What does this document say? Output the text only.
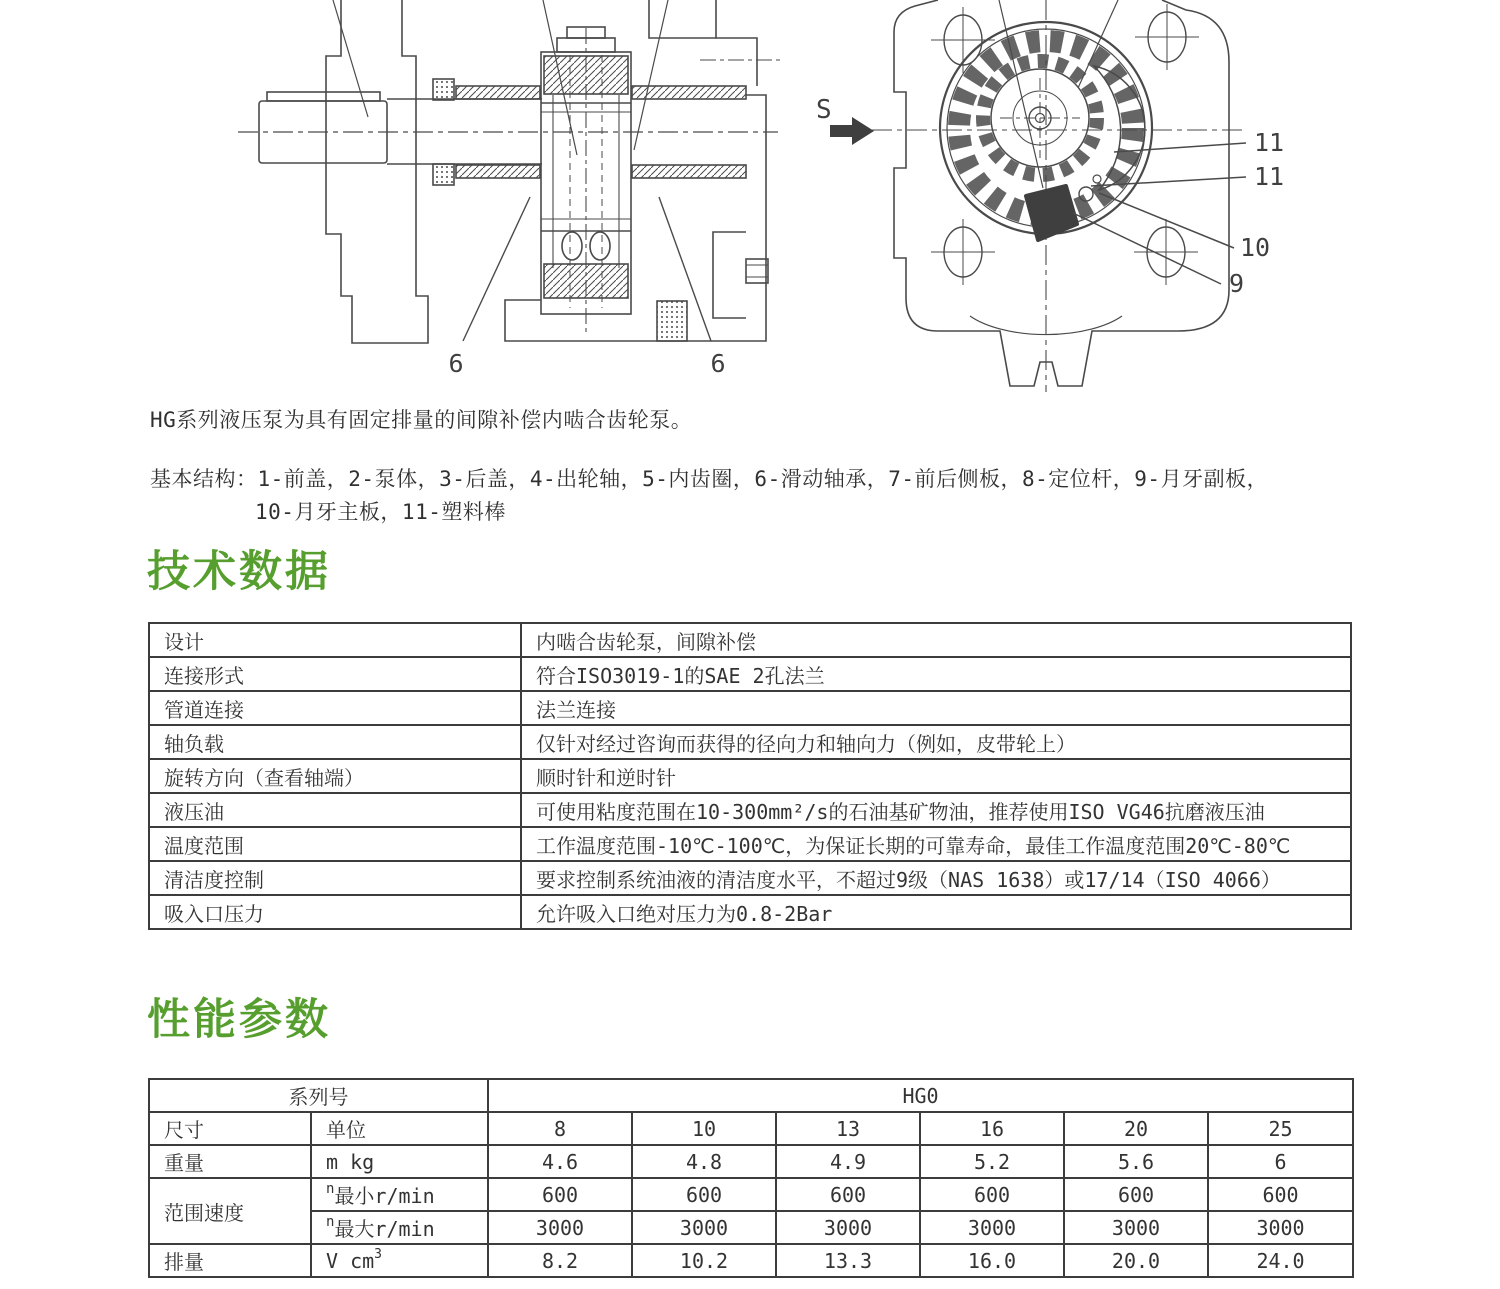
6	6
S
11
11
10
9
HG系列液压泵为具有固定排量的间隙补偿内啮合齿轮泵。
基本结构：1-前盖，2-泵体，3-后盖，4-出轮轴，5-内齿圈，6-滑动轴承，7-前后侧板，8-定位杆，9-月牙副板，
10-月牙主板，11-塑料棒
技术数据
设计	内啮合齿轮泵，间隙补偿
连接形式	符合ISO3019-1的SAE 2孔法兰
管道连接	法兰连接
轴负载	仅针对经过咨询而获得的径向力和轴向力（例如，皮带轮上）
旋转方向（查看轴端）	顺时针和逆时针
液压油	可使用粘度范围在10-300mm²/s的石油基矿物油，推荐使用ISO VG46抗磨液压油
温度范围	工作温度范围-10℃-100℃，为保证长期的可靠寿命，最佳工作温度范围20℃-80℃
清洁度控制	要求控制系统油液的清洁度水平，不超过9级（NAS 1638）或17/14（ISO 4066）
吸入口压力	允许吸入口绝对压力为0.8-2Bar
性能参数
系列号		HG0					
尺寸	单位	8	10	13	16	20	25
重量	m kg	4.6	4.8	4.9	5.2	5.6	6
范围速度	$^n$最小r/min	600	600	600	600	600	600
	$^n$最大r/min	3000	3000	3000	3000	3000	3000
排量	V $cm^3$	8.2	10.2	13.3	16.0	20.0	24.0
